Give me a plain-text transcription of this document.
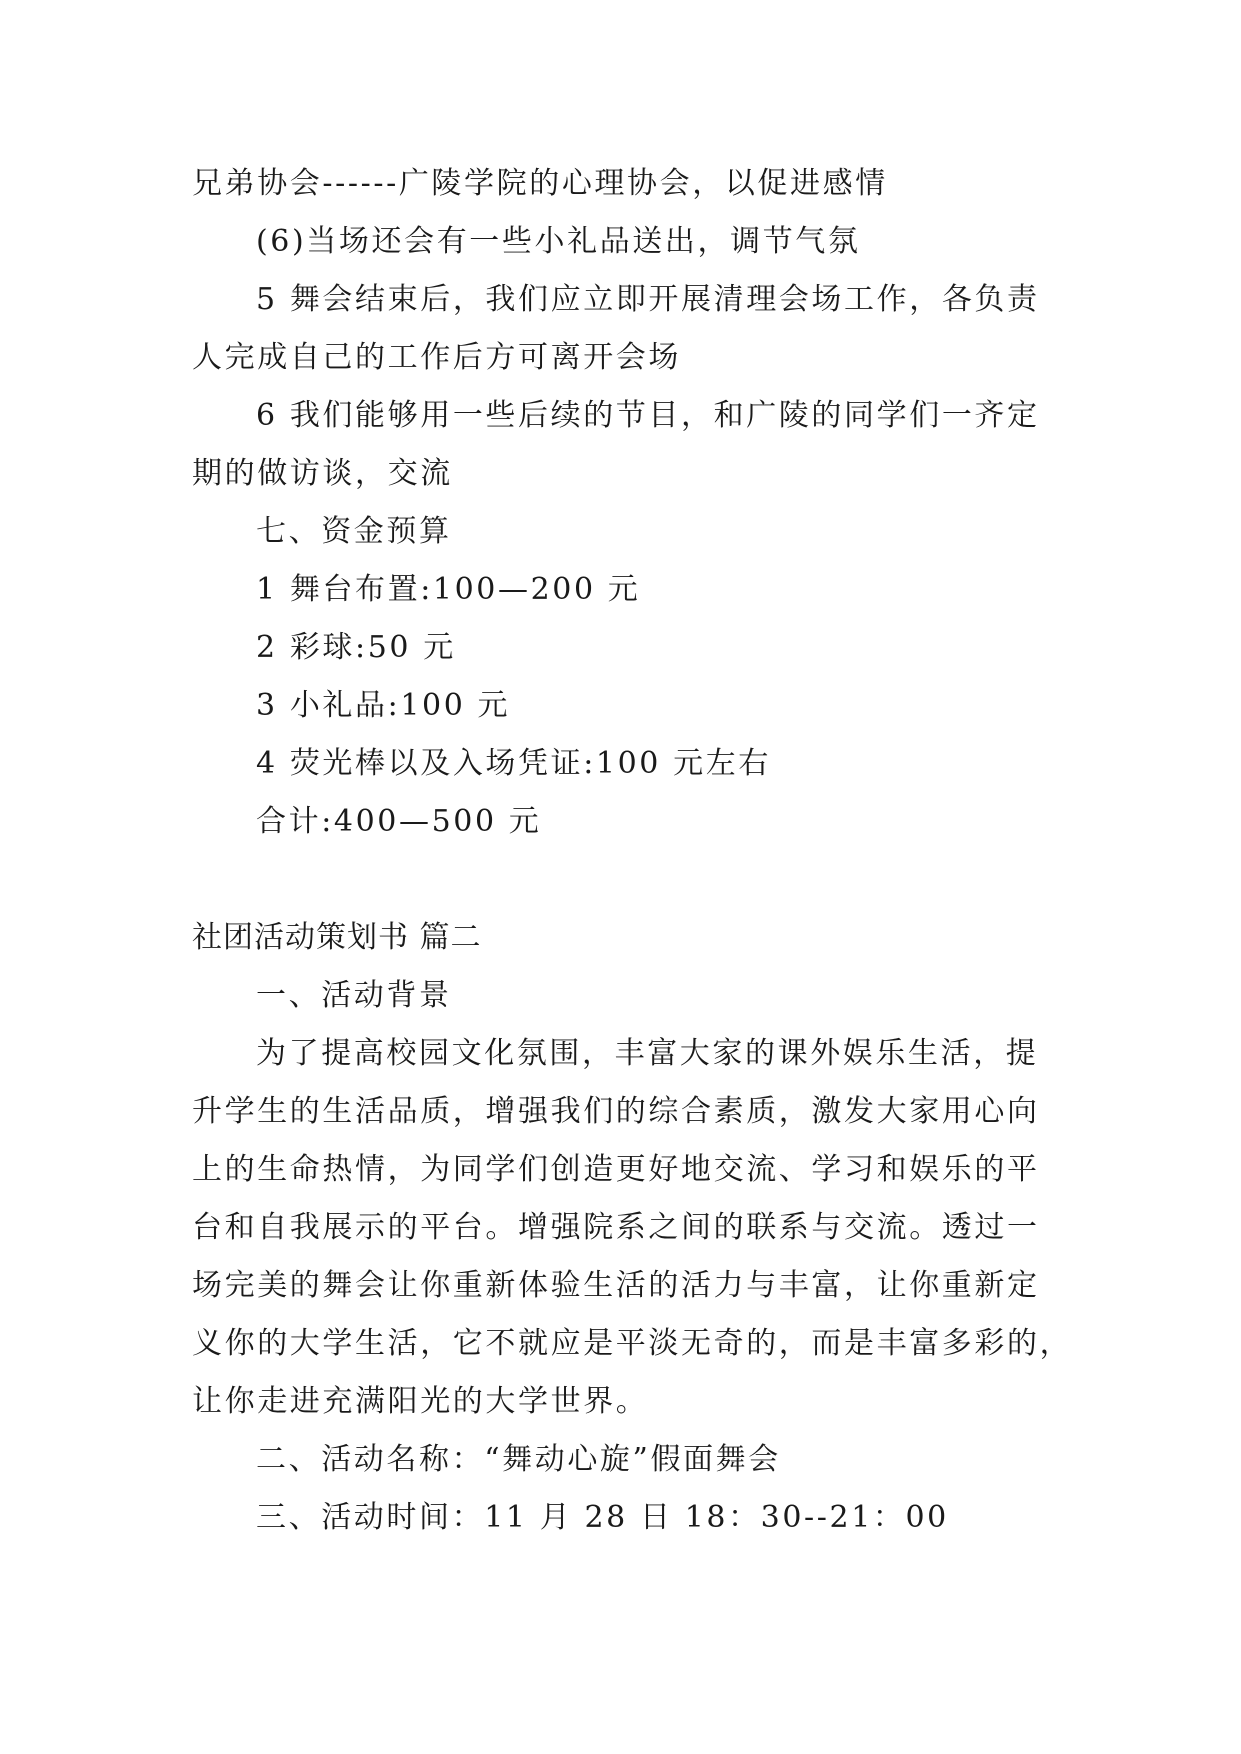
兄弟协会------广陵学院的心理协会，以促进感情
(6)当场还会有一些小礼品送出，调节气氛
5 舞会结束后，我们应立即开展清理会场工作，各负责
人完成自己的工作后方可离开会场
6 我们能够用一些后续的节目，和广陵的同学们一齐定
期的做访谈，交流
七、资金预算
1 舞台布置:100—200 元
2 彩球:50 元
3 小礼品:100 元
4 荧光棒以及入场凭证:100 元左右
合计:400—500 元
社团活动策划书 篇二
一、活动背景
为了提高校园文化氛围，丰富大家的课外娱乐生活，提
升学生的生活品质，增强我们的综合素质，激发大家用心向
上的生命热情，为同学们创造更好地交流、学习和娱乐的平
台和自我展示的平台。增强院系之间的联系与交流。透过一
场完美的舞会让你重新体验生活的活力与丰富，让你重新定
义你的大学生活，它不就应是平淡无奇的，而是丰富多彩的，
让你走进充满阳光的大学世界。
二、活动名称：“舞动心旋”假面舞会
三、活动时间：11 月 28 日 18：30--21：00
